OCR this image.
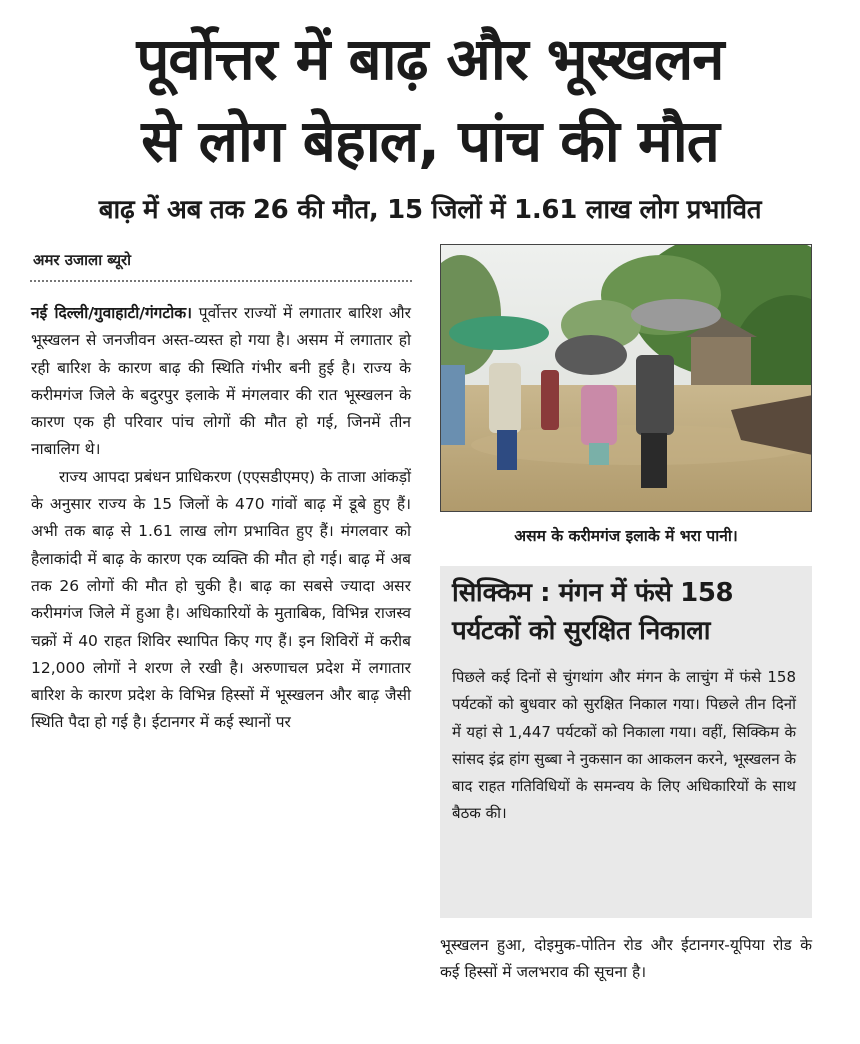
पूर्वोत्तर में बाढ़ और भूस्खलन
से लोग बेहाल, पांच की मौत
बाढ़ में अब तक 26 की मौत, 15 जिलों में 1.61 लाख लोग प्रभावित
अमर उजाला ब्यूरो

नई दिल्ली/गुवाहाटी/गंगटोक। पूर्वोत्तर राज्यों में लगातार बारिश और भूस्खलन से जनजीवन अस्त-व्यस्त हो गया है। असम में लगातार हो रही बारिश के कारण बाढ़ की स्थिति गंभीर बनी हुई है। राज्य के करीमगंज जिले के बदुरपुर इलाके में मंगलवार की रात भूस्खलन के कारण एक ही परिवार पांच लोगों की मौत हो गई, जिनमें तीन नाबालिग थे।

राज्य आपदा प्रबंधन प्राधिकरण (एएसडीएमए) के ताजा आंकड़ों के अनुसार राज्य के 15 जिलों के 470 गांवों बाढ़ में डूबे हुए हैं। अभी तक बाढ़ से 1.61 लाख लोग प्रभावित हुए हैं। मंगलवार को हैलाकांदी में बाढ़ के कारण एक व्यक्ति की मौत हो गई। बाढ़ में अब तक 26 लोगों की मौत हो चुकी है। बाढ़ का सबसे ज्यादा असर करीमगंज जिले में हुआ है। अधिकारियों के मुताबिक, विभिन्न राजस्व चक्रों में 40 राहत शिविर स्थापित किए गए हैं। इन शिविरों में करीब 12,000 लोगों ने शरण ले रखी है। अरुणाचल प्रदेश में लगातार बारिश के कारण प्रदेश के विभिन्न हिस्सों में भूस्खलन और बाढ़ जैसी स्थिति पैदा हो गई है। ईटानगर में कई स्थानों पर

असम के करीमगंज इलाके में भरा पानी।
सिक्किम : मंगन में फंसे 158 पर्यटकों को सुरक्षित निकाला
पिछले कई दिनों से चुंगथांग और मंगन के लाचुंग में फंसे 158 पर्यटकों को बुधवार को सुरक्षित निकाल गया। पिछले तीन दिनों में यहां से 1,447 पर्यटकों को निकाला गया। वहीं, सिक्किम के सांसद इंद्र हांग सुब्बा ने नुकसान का आकलन करने, भूस्खलन के बाद राहत गतिविधियों के समन्वय के लिए अधिकारियों के साथ बैठक की।
भूस्खलन हुआ, दोइमुक-पोतिन रोड और ईटानगर-यूपिया रोड के कई हिस्सों में जलभराव की सूचना है।
